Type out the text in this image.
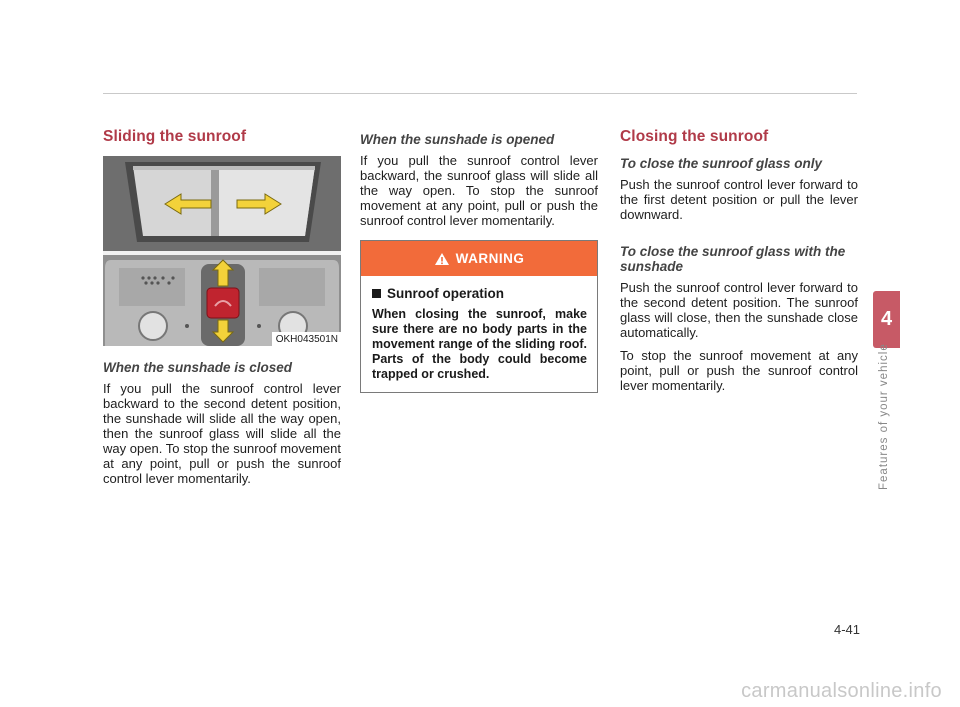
Sliding the sunroof
OKH043501N
When the sunshade is closed

If you pull the sunroof control lever backward to the second detent position, the sunshade will slide all the way open, then the sunroof glass will slide all the way open. To stop the sunroof movement at any point, pull or push the sunroof control lever momentarily.

When the sunshade is opened

If you pull the sunroof control lever backward, the sunroof glass will slide all the way open. To stop the sunroof movement at any point, pull or push the sunroof control lever momentarily.

WARNING
Sunroof operation

When closing the sunroof, make sure there are no body parts in the movement range of the sliding roof. Parts of the body could become trapped or crushed.

Closing the sunroof
To close the sunroof glass only

Push the sunroof control lever forward to the first detent position or pull the lever downward.

To close the sunroof glass with the sunshade

Push the sunroof control lever forward to the second detent position. The sunroof glass will close, then the sunshade close automatically.

To stop the sunroof movement at any point, pull or push the sunroof control lever momentarily.

4
Features of your vehicle
4-41
carmanualsonline.info
